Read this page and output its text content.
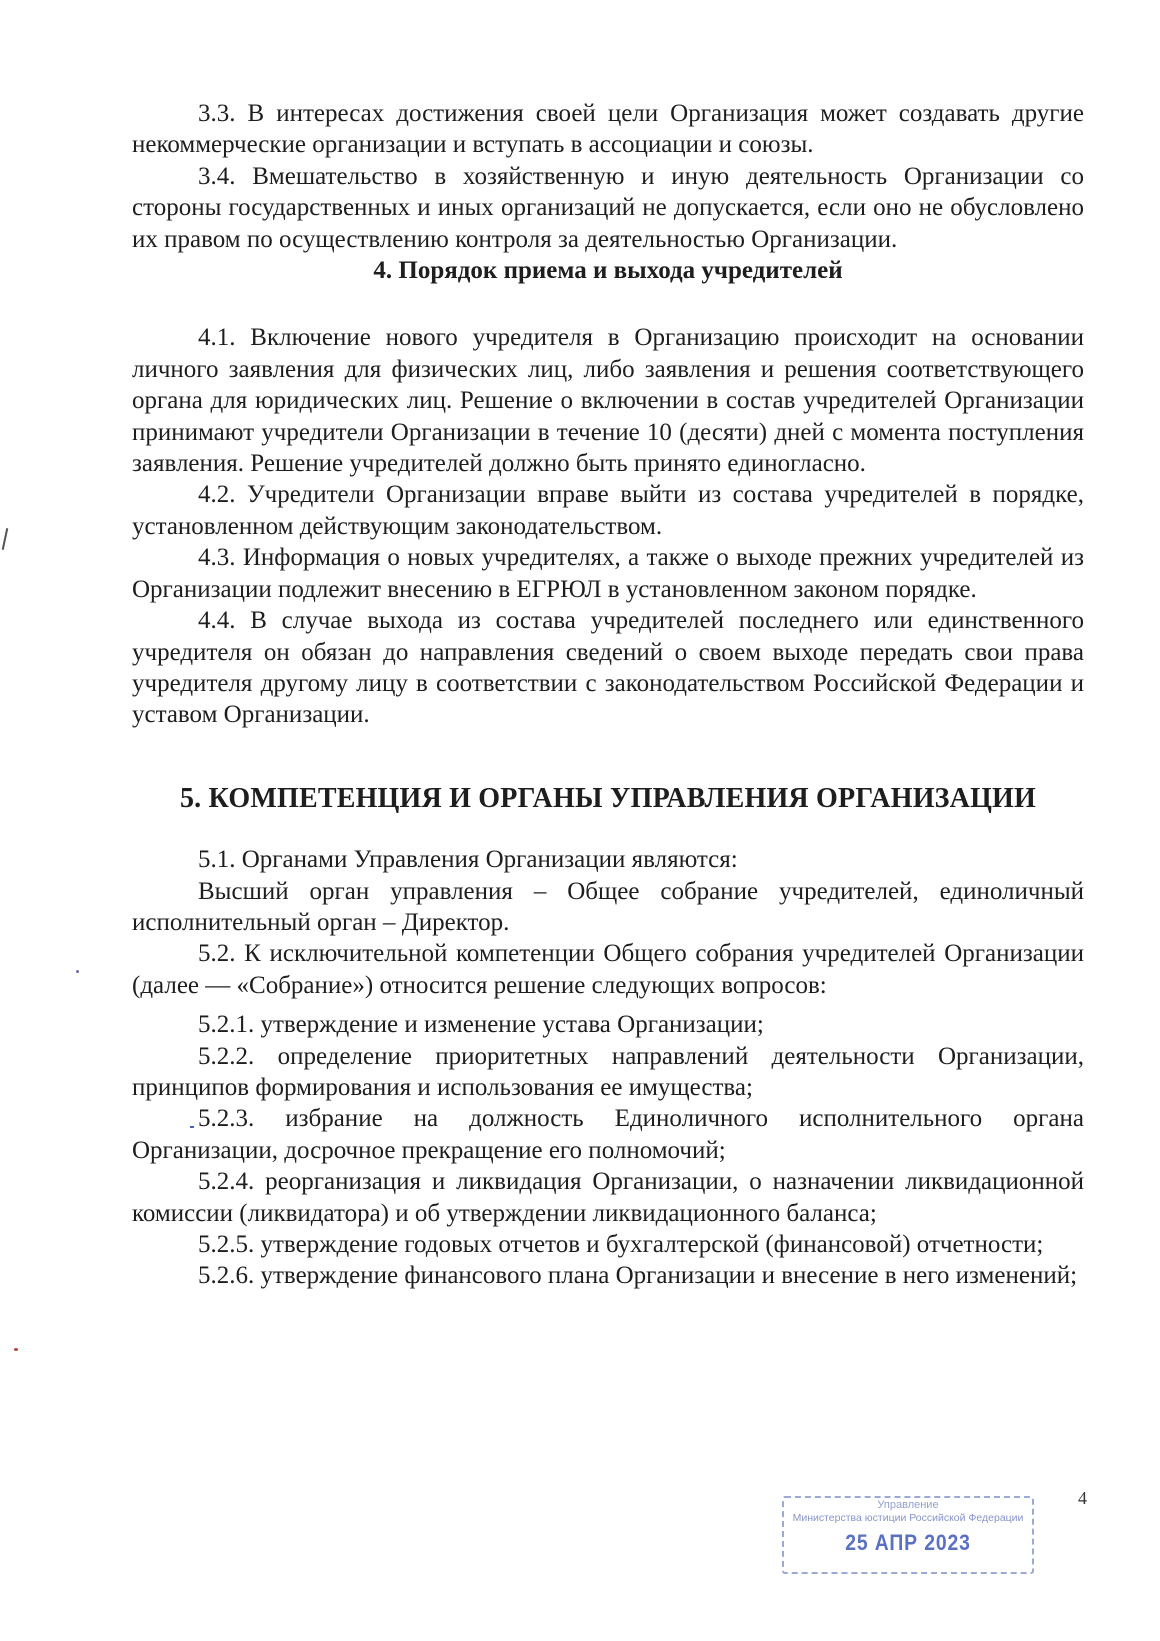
3.3. В интересах достижения своей цели Организация может создавать другие некоммерческие организации и вступать в ассоциации и союзы.

3.4. Вмешательство в хозяйственную и иную деятельность Организации со стороны государственных и иных организаций не допускается, если оно не обусловлено их правом по осуществлению контроля за деятельностью Организации.

4. Порядок приема и выхода учредителей

4.1. Включение нового учредителя в Организацию происходит на основании личного заявления для физических лиц, либо заявления и решения соответствующего органа для юридических лиц. Решение о включении в состав учредителей Организации принимают учредители Организации в течение 10 (десяти) дней с момента поступления заявления. Решение учредителей должно быть принято единогласно.

4.2. Учредители Организации вправе выйти из состава учредителей в порядке, установленном действующим законодательством.

4.3. Информация о новых учредителях, а также о выходе прежних учредителей из Организации подлежит внесению в ЕГРЮЛ в установленном законом порядке.

4.4. В случае выхода из состава учредителей последнего или единственного учредителя он обязан до направления сведений о своем выходе передать свои права учредителя другому лицу в соответствии с законодательством Российской Федерации и уставом Организации.

5. КОМПЕТЕНЦИЯ И ОРГАНЫ УПРАВЛЕНИЯ ОРГАНИЗАЦИИ

5.1. Органами Управления Организации являются:

Высший орган управления – Общее собрание учредителей, единоличный исполнительный орган – Директор.

5.2. К исключительной компетенции Общего собрания учредителей Организации (далее — «Собрание») относится решение следующих вопросов:

5.2.1. утверждение и изменение устава Организации;

5.2.2. определение приоритетных направлений деятельности Организации, принципов формирования и использования ее имущества;

5.2.3. избрание на должность Единоличного исполнительного органа Организации, досрочное прекращение его полномочий;

5.2.4. реорганизация и ликвидация Организации, о назначении ликвидационной комиссии (ликвидатора) и об утверждении ликвидационного баланса;

5.2.5. утверждение годовых отчетов и бухгалтерской (финансовой) отчетности;

5.2.6. утверждение финансового плана Организации и внесение в него изменений;

Управление
Министерства юстиции Российской Федерации
25 АПР 2023
4
